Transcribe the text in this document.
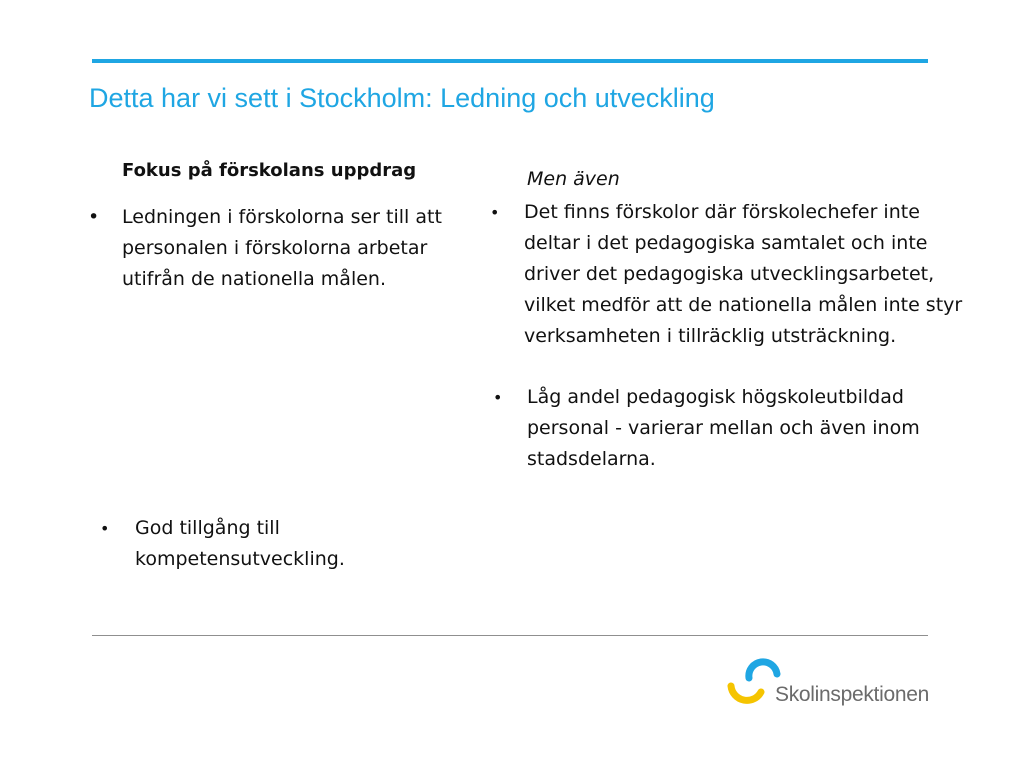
Detta har vi sett i Stockholm: Ledning och utveckling
Fokus på förskolans uppdrag	Men även
• Ledningen i förskolorna ser till att personalen i förskolorna arbetar utifrån de nationella målen.
• Det finns förskolor där förskolechefer inte deltar i det pedagogiska samtalet och inte driver det pedagogiska utvecklingsarbetet, vilket medför att de nationella målen inte styr verksamheten i tillräcklig utsträckning.
• Låg andel pedagogisk högskoleutbildad personal - varierar mellan och även inom stadsdelarna.
• God tillgång till kompetensutveckling.
Skolinspektionen
